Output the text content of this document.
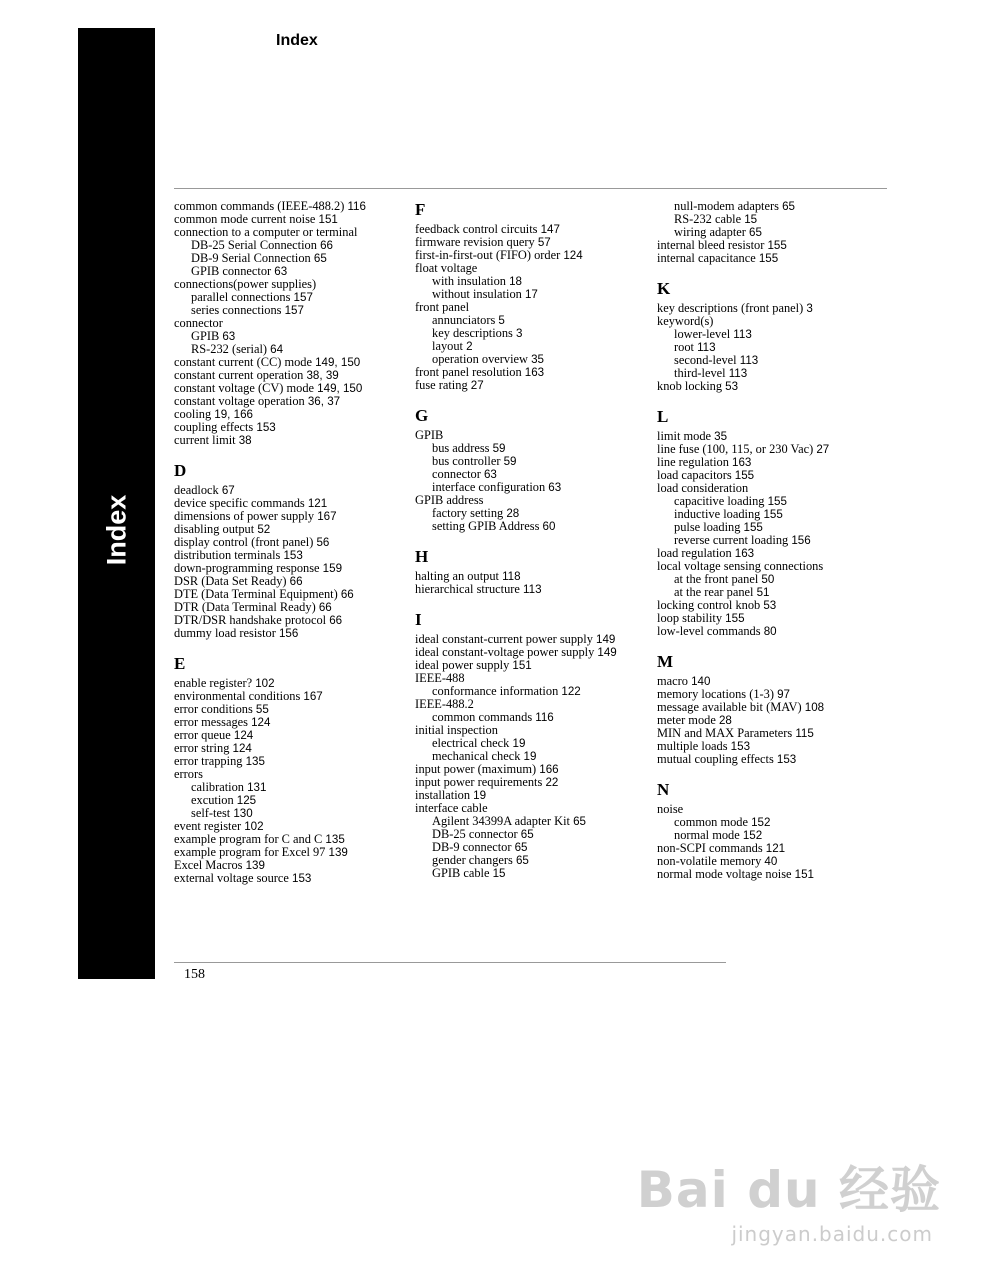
Index
Index
common commands (IEEE-488.2) 116
common mode current noise 151
connection to a computer or terminal
DB-25 Serial Connection 66
DB-9 Serial Connection 65
GPIB connector 63
connections(power supplies)
parallel connections 157
series connections 157
connector
GPIB 63
RS-232 (serial) 64
constant current (CC) mode 149, 150
constant current operation 38, 39
constant voltage (CV) mode 149, 150
constant voltage operation 36, 37
cooling 19, 166
coupling effects 153
current limit 38
D
deadlock 67
device specific commands 121
dimensions of power supply 167
disabling output 52
display control (front panel) 56
distribution terminals 153
down-programming response 159
DSR (Data Set Ready) 66
DTE (Data Terminal Equipment) 66
DTR (Data Terminal Ready) 66
DTR/DSR handshake protocol 66
dummy load resistor 156
E
enable register? 102
environmental conditions 167
error conditions 55
error messages 124
error queue 124
error string 124
error trapping 135
errors
calibration 131
excution 125
self-test 130
event register 102
example program for C and C 135
example program for Excel 97 139
Excel Macros 139
external voltage source 153
F
feedback control circuits 147
firmware revision query 57
first-in-first-out (FIFO) order 124
float voltage
with insulation 18
without insulation 17
front panel
annunciators 5
key descriptions 3
layout 2
operation overview 35
front panel resolution 163
fuse rating 27
G
GPIB
bus address 59
bus controller 59
connector 63
interface configuration 63
GPIB address
factory setting 28
setting GPIB Address 60
H
halting an output 118
hierarchical structure 113
I
ideal constant-current power supply 149
ideal constant-voltage power supply 149
ideal power supply 151
IEEE-488
conformance information 122
IEEE-488.2
common commands 116
initial inspection
electrical check 19
mechanical check 19
input power (maximum) 166
input power requirements 22
installation 19
interface cable
Agilent 34399A adapter Kit 65
DB-25 connector 65
DB-9 connector 65
gender changers 65
GPIB cable 15
null-modem adapters 65
RS-232 cable 15
wiring adapter 65
internal bleed resistor 155
internal capacitance 155
K
key descriptions (front panel) 3
keyword(s)
lower-level 113
root 113
second-level 113
third-level 113
knob locking 53
L
limit mode 35
line fuse (100, 115, or 230 Vac) 27
line regulation 163
load capacitors 155
load consideration
capacitive loading 155
inductive loading 155
pulse loading 155
reverse current loading 156
load regulation 163
local voltage sensing connections
at the front panel 50
at the rear panel 51
locking control knob 53
loop stability 155
low-level commands 80
M
macro 140
memory locations (1-3) 97
message available bit (MAV) 108
meter mode 28
MIN and MAX Parameters 115
multiple loads 153
mutual coupling effects 153
N
noise
common mode 152
normal mode 152
non-SCPI commands 121
non-volatile memory 40
normal mode voltage noise 151
158
Bai du 经验
jingyan.baidu.com
